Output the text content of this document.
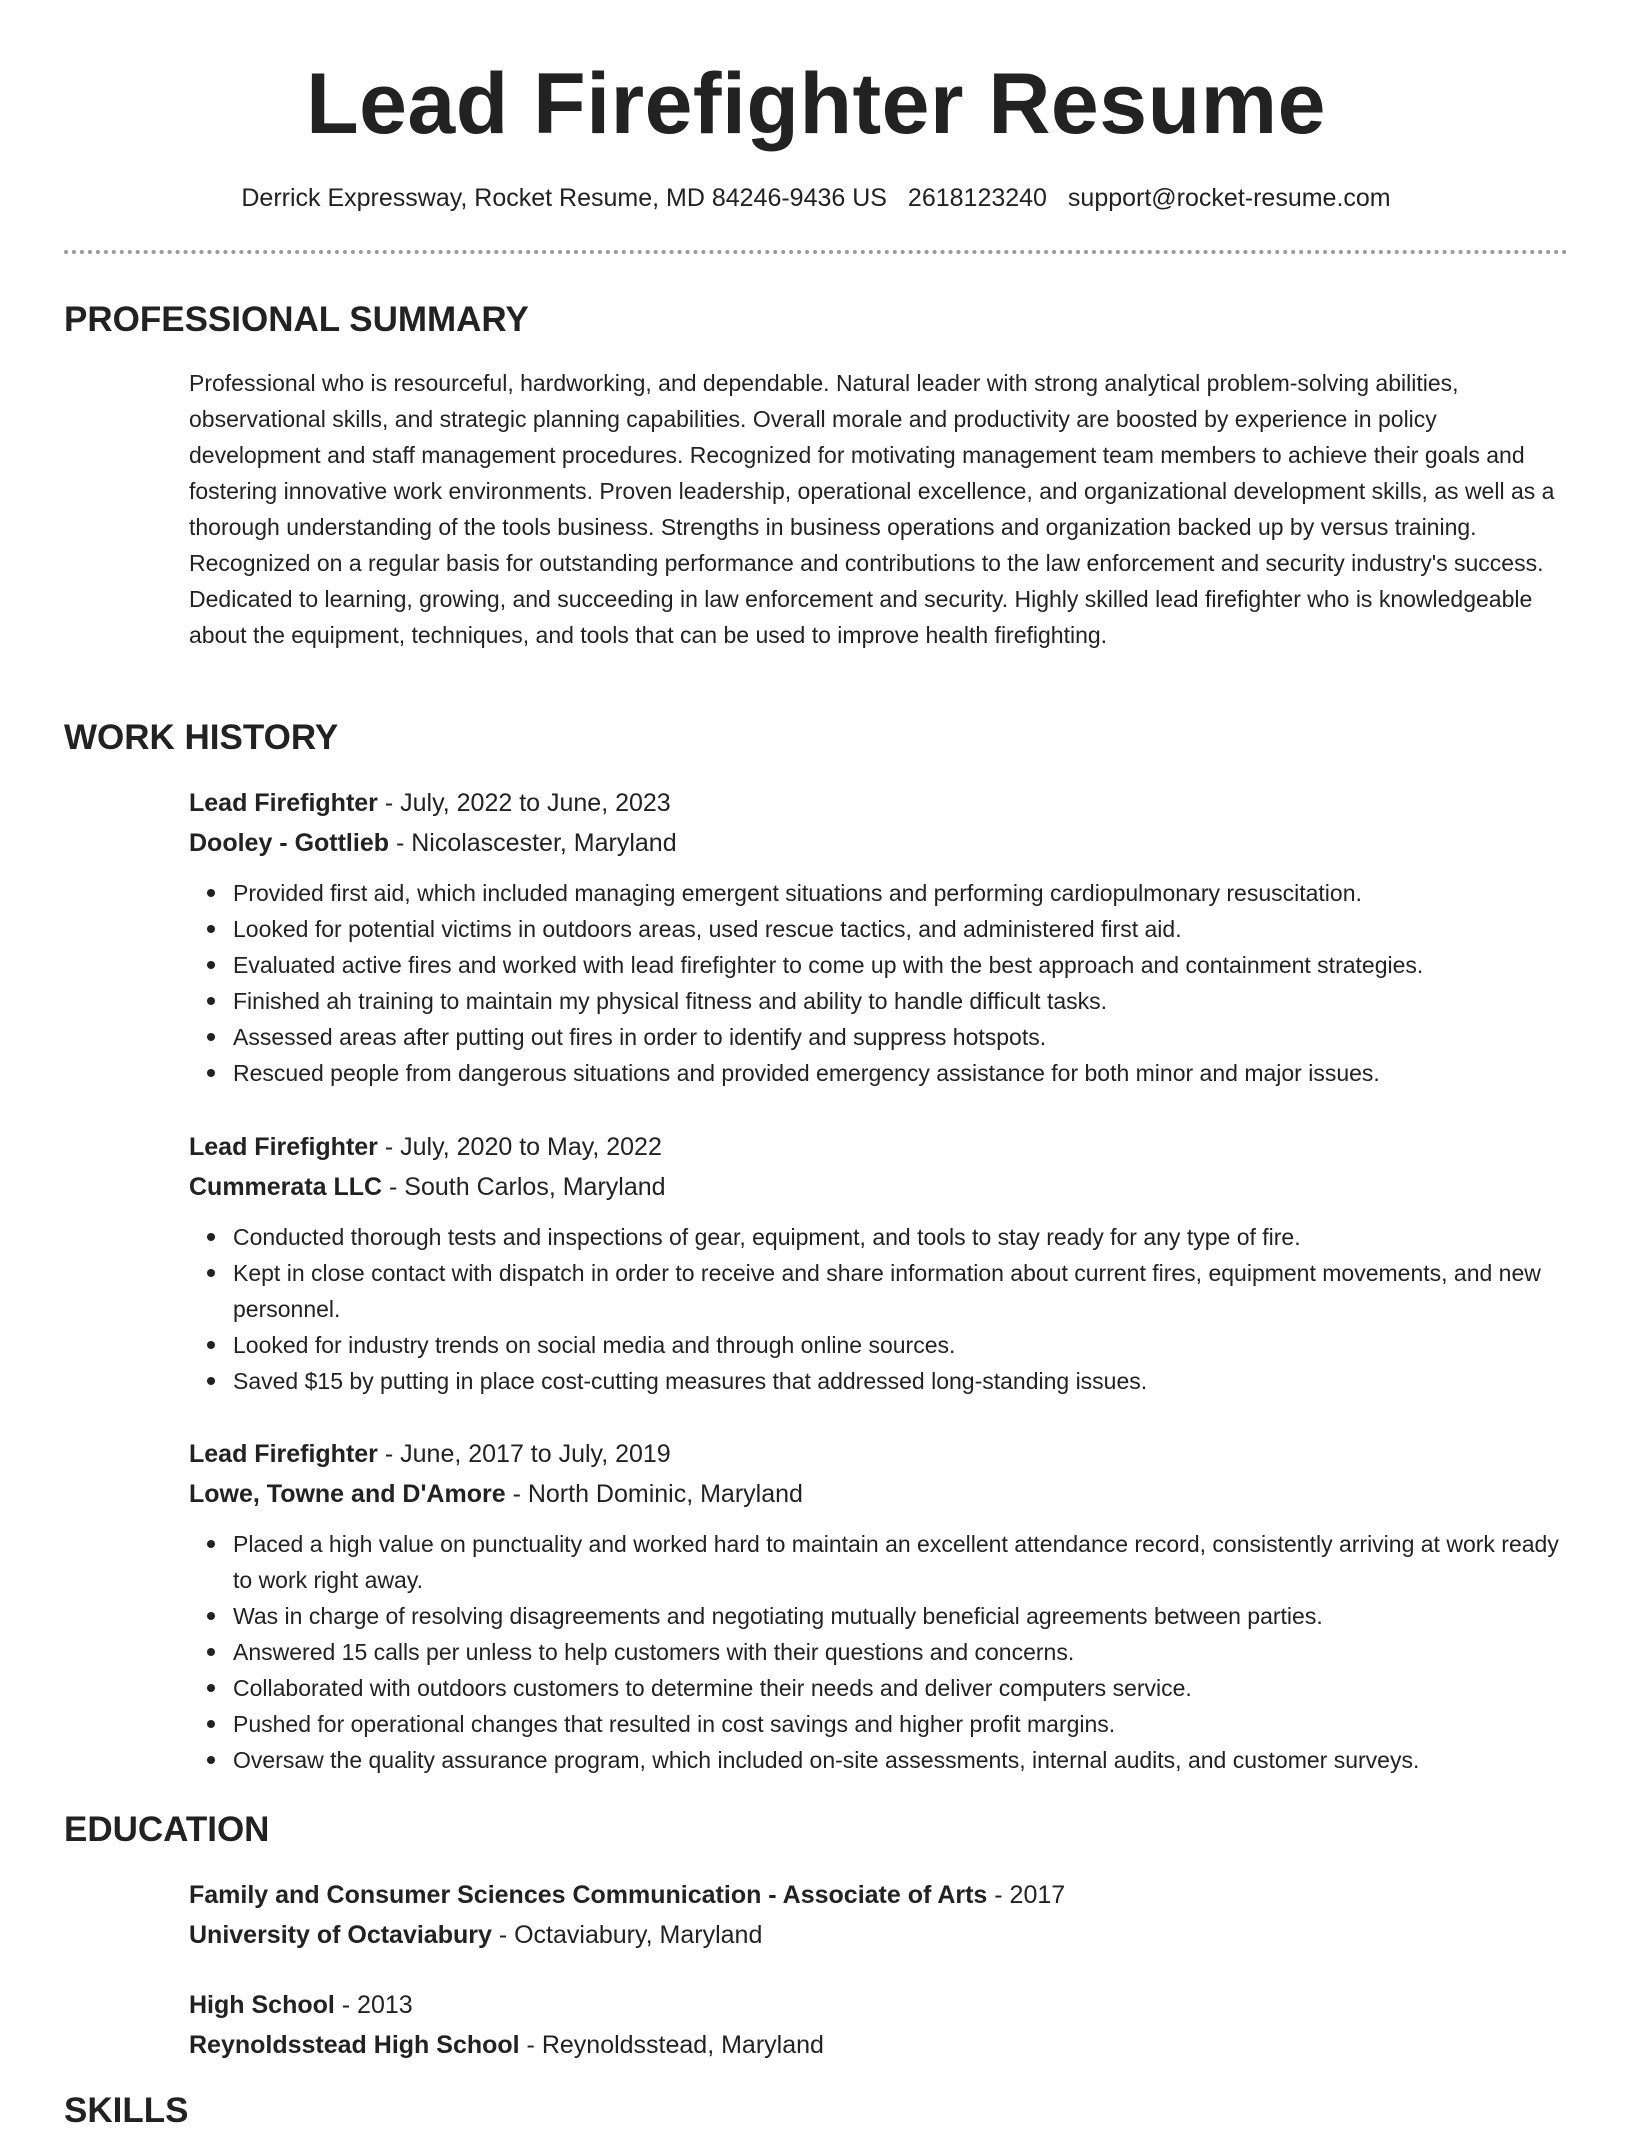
Lead Firefighter Resume
Derrick Expressway, Rocket Resume, MD 84246-9436 US 2618123240 support@rocket-resume.com
PROFESSIONAL SUMMARY

Professional who is resourceful, hardworking, and dependable. Natural leader with strong analytical problem-solving abilities, observational skills, and strategic planning capabilities. Overall morale and productivity are boosted by experience in policy development and staff management procedures. Recognized for motivating management team members to achieve their goals and fostering innovative work environments. Proven leadership, operational excellence, and organizational development skills, as well as a thorough understanding of the tools business. Strengths in business operations and organization backed up by versus training. Recognized on a regular basis for outstanding performance and contributions to the law enforcement and security industry's success. Dedicated to learning, growing, and succeeding in law enforcement and security. Highly skilled lead firefighter who is knowledgeable about the equipment, techniques, and tools that can be used to improve health firefighting.

WORK HISTORY

Lead Firefighter - July, 2022 to June, 2023

Dooley - Gottlieb - Nicolascester, Maryland

Provided first aid, which included managing emergent situations and performing cardiopulmonary resuscitation.
Looked for potential victims in outdoors areas, used rescue tactics, and administered first aid.
Evaluated active fires and worked with lead firefighter to come up with the best approach and containment strategies.
Finished ah training to maintain my physical fitness and ability to handle difficult tasks.
Assessed areas after putting out fires in order to identify and suppress hotspots.
Rescued people from dangerous situations and provided emergency assistance for both minor and major issues.

Lead Firefighter - July, 2020 to May, 2022

Cummerata LLC - South Carlos, Maryland

Conducted thorough tests and inspections of gear, equipment, and tools to stay ready for any type of fire.
Kept in close contact with dispatch in order to receive and share information about current fires, equipment movements, and new personnel.
Looked for industry trends on social media and through online sources.
Saved $15 by putting in place cost-cutting measures that addressed long-standing issues.

Lead Firefighter - June, 2017 to July, 2019

Lowe, Towne and D'Amore - North Dominic, Maryland

Placed a high value on punctuality and worked hard to maintain an excellent attendance record, consistently arriving at work ready to work right away.
Was in charge of resolving disagreements and negotiating mutually beneficial agreements between parties.
Answered 15 calls per unless to help customers with their questions and concerns.
Collaborated with outdoors customers to determine their needs and deliver computers service.
Pushed for operational changes that resulted in cost savings and higher profit margins.
Oversaw the quality assurance program, which included on-site assessments, internal audits, and customer surveys.
EDUCATION

Family and Consumer Sciences Communication - Associate of Arts - 2017

University of Octaviabury - Octaviabury, Maryland

High School - 2013

Reynoldsstead High School - Reynoldsstead, Maryland

SKILLS
